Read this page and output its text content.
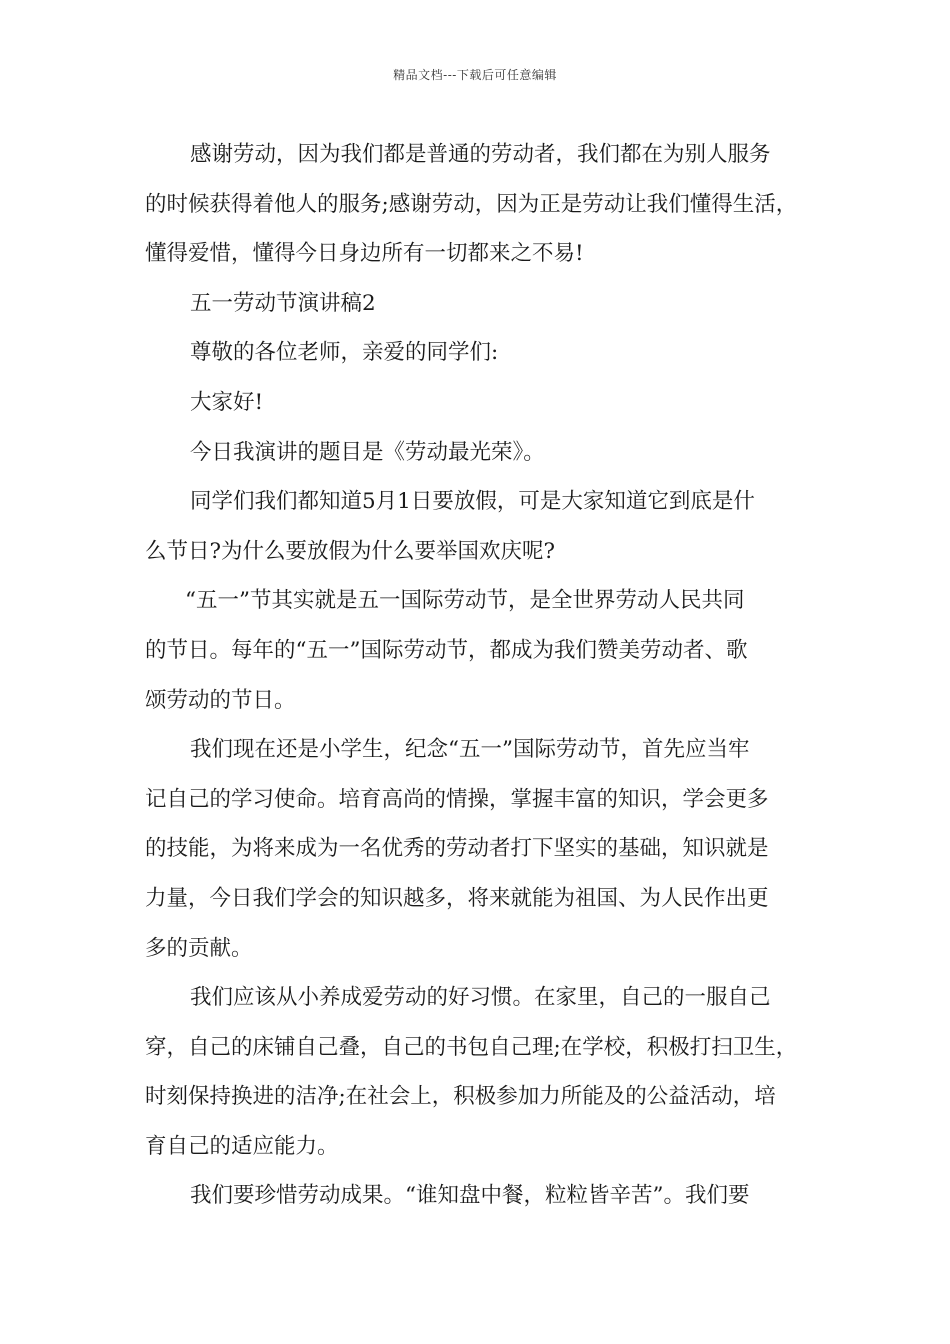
精品文档---下载后可任意编辑
感谢劳动，因为我们都是普通的劳动者，我们都在为别人服务
的时候获得着他人的服务;感谢劳动，因为正是劳动让我们懂得生活，
懂得爱惜，懂得今日身边所有一切都来之不易!
五一劳动节演讲稿2
尊敬的各位老师，亲爱的同学们:
大家好!
今日我演讲的题目是《劳动最光荣》。
同学们我们都知道5月1日要放假，可是大家知道它到底是什
么节日?为什么要放假为什么要举国欢庆呢?
“五一”节其实就是五一国际劳动节，是全世界劳动人民共同
的节日。每年的“五一”国际劳动节，都成为我们赞美劳动者、歌
颂劳动的节日。
我们现在还是小学生，纪念“五一”国际劳动节，首先应当牢
记自己的学习使命。培育高尚的情操，掌握丰富的知识，学会更多
的技能，为将来成为一名优秀的劳动者打下坚实的基础，知识就是
力量，今日我们学会的知识越多，将来就能为祖国、为人民作出更
多的贡献。
我们应该从小养成爱劳动的好习惯。在家里，自己的一服自己
穿，自己的床铺自己叠，自己的书包自己理;在学校，积极打扫卫生，
时刻保持换进的洁净;在社会上，积极参加力所能及的公益活动，培
育自己的适应能力。
我们要珍惜劳动成果。“谁知盘中餐，粒粒皆辛苦”。我们要
